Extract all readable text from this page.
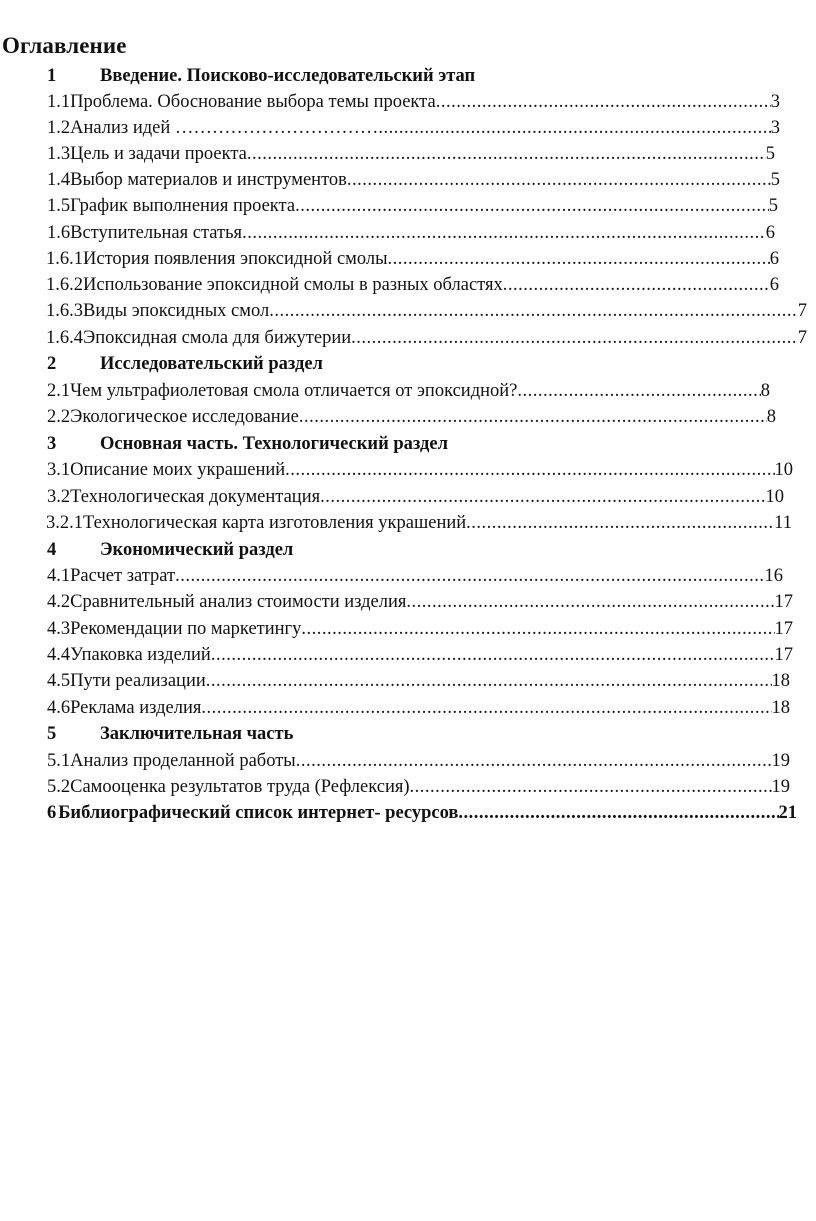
Оглавление
1	Введение. Поисково-исследовательский этап
1.1 Проблема. Обоснование выбора темы проекта .....	3
1.2 Анализ идей …………………………… .....	3
1.3 Цель и задачи проекта .....	5
1.4 Выбор материалов и инструментов .....	5
1.5 График выполнения проекта .....	5
1.6 Вступительная статья .....	6
1.6.1 История появления эпоксидной смолы .....	6
1.6.2 Использование эпоксидной смолы в разных областях .....	6
1.6.3 Виды эпоксидных смол .....	7
1.6.4 Эпоксидная смола для бижутерии .....	7
2	Исследовательский раздел
2.1 Чем ультрафиолетовая смола отличается от эпоксидной? .....	8
2.2 Экологическое исследование .....	8
3	Основная часть. Технологический раздел
3.1 Описание моих украшений .....	10
3.2 Технологическая документация .....	10
3.2.1 Технологическая карта изготовления украшений .....	11
4	Экономический раздел
4.1 Расчет затрат .....	16
4.2 Сравнительный анализ стоимости изделия .....	17
4.3 Рекомендации по маркетингу .....	17
4.4 Упаковка изделий .....	17
4.5 Пути реализации .....	18
4.6 Реклама изделия .....	18
5	Заключительная часть
5.1 Анализ проделанной работы .....	19
5.2 Самооценка результатов труда (Рефлексия) .....	19
6 Библиографический список интернет- ресурсов .....	21
